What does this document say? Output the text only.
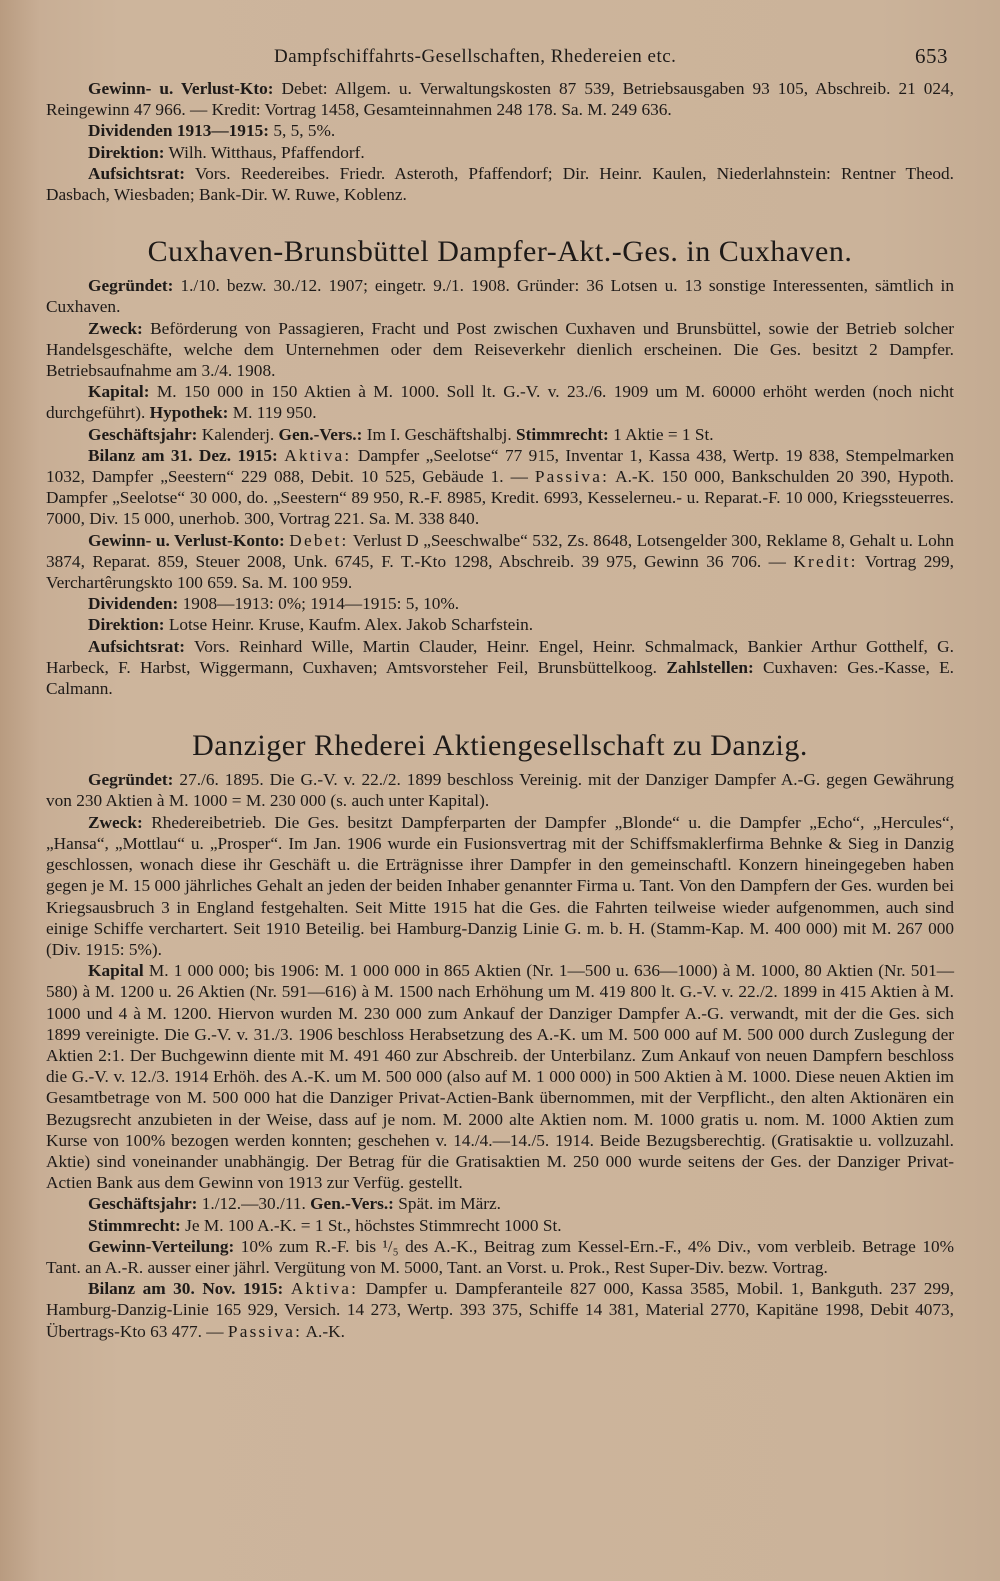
Dampfschiffahrts-Gesellschaften, Rhedereien etc.	653

Gewinn- u. Verlust-Kto: Debet: Allgem. u. Verwaltungskosten 87 539, Betriebsausgaben 93 105, Abschreib. 21 024, Reingewinn 47 966. — Kredit: Vortrag 1458, Gesamteinnahmen 248 178. Sa. M. 249 636.

Dividenden 1913—1915: 5, 5, 5%.

Direktion: Wilh. Witthaus, Pfaffendorf.

Aufsichtsrat: Vors. Reedereibes. Friedr. Asteroth, Pfaffendorf; Dir. Heinr. Kaulen, Niederlahnstein: Rentner Theod. Dasbach, Wiesbaden; Bank-Dir. W. Ruwe, Koblenz.

Cuxhaven-Brunsbüttel Dampfer-Akt.-Ges. in Cuxhaven.

Gegründet: 1./10. bezw. 30./12. 1907; eingetr. 9./1. 1908. Gründer: 36 Lotsen u. 13 sonstige Interessenten, sämtlich in Cuxhaven.

Zweck: Beförderung von Passagieren, Fracht und Post zwischen Cuxhaven und Brunsbüttel, sowie der Betrieb solcher Handelsgeschäfte, welche dem Unternehmen oder dem Reiseverkehr dienlich erscheinen. Die Ges. besitzt 2 Dampfer. Betriebsaufnahme am 3./4. 1908.

Kapital: M. 150 000 in 150 Aktien à M. 1000. Soll lt. G.-V. v. 23./6. 1909 um M. 60000 erhöht werden (noch nicht durchgeführt). Hypothek: M. 119 950.

Geschäftsjahr: Kalenderj. Gen.-Vers.: Im I. Geschäftshalbj. Stimmrecht: 1 Aktie = 1 St.

Bilanz am 31. Dez. 1915: Aktiva: Dampfer „Seelotse“ 77 915, Inventar 1, Kassa 438, Wertp. 19 838, Stempelmarken 1032, Dampfer „Seestern“ 229 088, Debit. 10 525, Gebäude 1. — Passiva: A.-K. 150 000, Bankschulden 20 390, Hypoth. Dampfer „Seelotse“ 30 000, do. „Seestern“ 89 950, R.-F. 8985, Kredit. 6993, Kesselerneu.- u. Reparat.-F. 10 000, Kriegssteuerres. 7000, Div. 15 000, unerhob. 300, Vortrag 221. Sa. M. 338 840.

Gewinn- u. Verlust-Konto: Debet: Verlust D „Seeschwalbe“ 532, Zs. 8648, Lotsengelder 300, Reklame 8, Gehalt u. Lohn 3874, Reparat. 859, Steuer 2008, Unk. 6745, F. T.-Kto 1298, Abschreib. 39 975, Gewinn 36 706. — Kredit: Vortrag 299, Verchartêrungskto 100 659. Sa. M. 100 959.

Dividenden: 1908—1913: 0%; 1914—1915: 5, 10%.

Direktion: Lotse Heinr. Kruse, Kaufm. Alex. Jakob Scharfstein.

Aufsichtsrat: Vors. Reinhard Wille, Martin Clauder, Heinr. Engel, Heinr. Schmalmack, Bankier Arthur Gotthelf, G. Harbeck, F. Harbst, Wiggermann, Cuxhaven; Amtsvorsteher Feil, Brunsbüttelkoog. Zahlstellen: Cuxhaven: Ges.-Kasse, E. Calmann.

Danziger Rhederei Aktiengesellschaft zu Danzig.

Gegründet: 27./6. 1895. Die G.-V. v. 22./2. 1899 beschloss Vereinig. mit der Danziger Dampfer A.-G. gegen Gewährung von 230 Aktien à M. 1000 = M. 230 000 (s. auch unter Kapital).

Zweck: Rhedereibetrieb. Die Ges. besitzt Dampferparten der Dampfer „Blonde“ u. die Dampfer „Echo“, „Hercules“, „Hansa“, „Mottlau“ u. „Prosper“. Im Jan. 1906 wurde ein Fusionsvertrag mit der Schiffsmaklerfirma Behnke & Sieg in Danzig geschlossen, wonach diese ihr Geschäft u. die Erträgnisse ihrer Dampfer in den gemeinschaftl. Konzern hineingegeben haben gegen je M. 15 000 jährliches Gehalt an jeden der beiden Inhaber genannter Firma u. Tant. Von den Dampfern der Ges. wurden bei Kriegsausbruch 3 in England festgehalten. Seit Mitte 1915 hat die Ges. die Fahrten teilweise wieder aufgenommen, auch sind einige Schiffe verchartert. Seit 1910 Beteilig. bei Hamburg-Danzig Linie G. m. b. H. (Stamm-Kap. M. 400 000) mit M. 267 000 (Div. 1915: 5%).

Kapital M. 1 000 000; bis 1906: M. 1 000 000 in 865 Aktien (Nr. 1—500 u. 636—1000) à M. 1000, 80 Aktien (Nr. 501—580) à M. 1200 u. 26 Aktien (Nr. 591—616) à M. 1500 nach Erhöhung um M. 419 800 lt. G.-V. v. 22./2. 1899 in 415 Aktien à M. 1000 und 4 à M. 1200. Hiervon wurden M. 230 000 zum Ankauf der Danziger Dampfer A.-G. verwandt, mit der die Ges. sich 1899 vereinigte. Die G.-V. v. 31./3. 1906 beschloss Herabsetzung des A.-K. um M. 500 000 auf M. 500 000 durch Zuslegung der Aktien 2:1. Der Buchgewinn diente mit M. 491 460 zur Abschreib. der Unterbilanz. Zum Ankauf von neuen Dampfern beschloss die G.-V. v. 12./3. 1914 Erhöh. des A.-K. um M. 500 000 (also auf M. 1 000 000) in 500 Aktien à M. 1000. Diese neuen Aktien im Gesamtbetrage von M. 500 000 hat die Danziger Privat-Actien-Bank übernommen, mit der Verpflicht., den alten Aktionären ein Bezugsrecht anzubieten in der Weise, dass auf je nom. M. 2000 alte Aktien nom. M. 1000 gratis u. nom. M. 1000 Aktien zum Kurse von 100% bezogen werden konnten; geschehen v. 14./4.—14./5. 1914. Beide Bezugsberechtig. (Gratisaktie u. vollzuzahl. Aktie) sind voneinander unabhängig. Der Betrag für die Gratisaktien M. 250 000 wurde seitens der Ges. der Danziger Privat-Actien Bank aus dem Gewinn von 1913 zur Verfüg. gestellt.

Geschäftsjahr: 1./12.—30./11. Gen.-Vers.: Spät. im März.

Stimmrecht: Je M. 100 A.-K. = 1 St., höchstes Stimmrecht 1000 St.

Gewinn-Verteilung: 10% zum R.-F. bis ¹/₅ des A.-K., Beitrag zum Kessel-Ern.-F., 4% Div., vom verbleib. Betrage 10% Tant. an A.-R. ausser einer jährl. Vergütung von M. 5000, Tant. an Vorst. u. Prok., Rest Super-Div. bezw. Vortrag.

Bilanz am 30. Nov. 1915: Aktiva: Dampfer u. Dampferanteile 827 000, Kassa 3585, Mobil. 1, Bankguth. 237 299, Hamburg-Danzig-Linie 165 929, Versich. 14 273, Wertp. 393 375, Schiffe 14 381, Material 2770, Kapitäne 1998, Debit 4073, Übertrags-Kto 63 477. — Passiva: A.-K.
